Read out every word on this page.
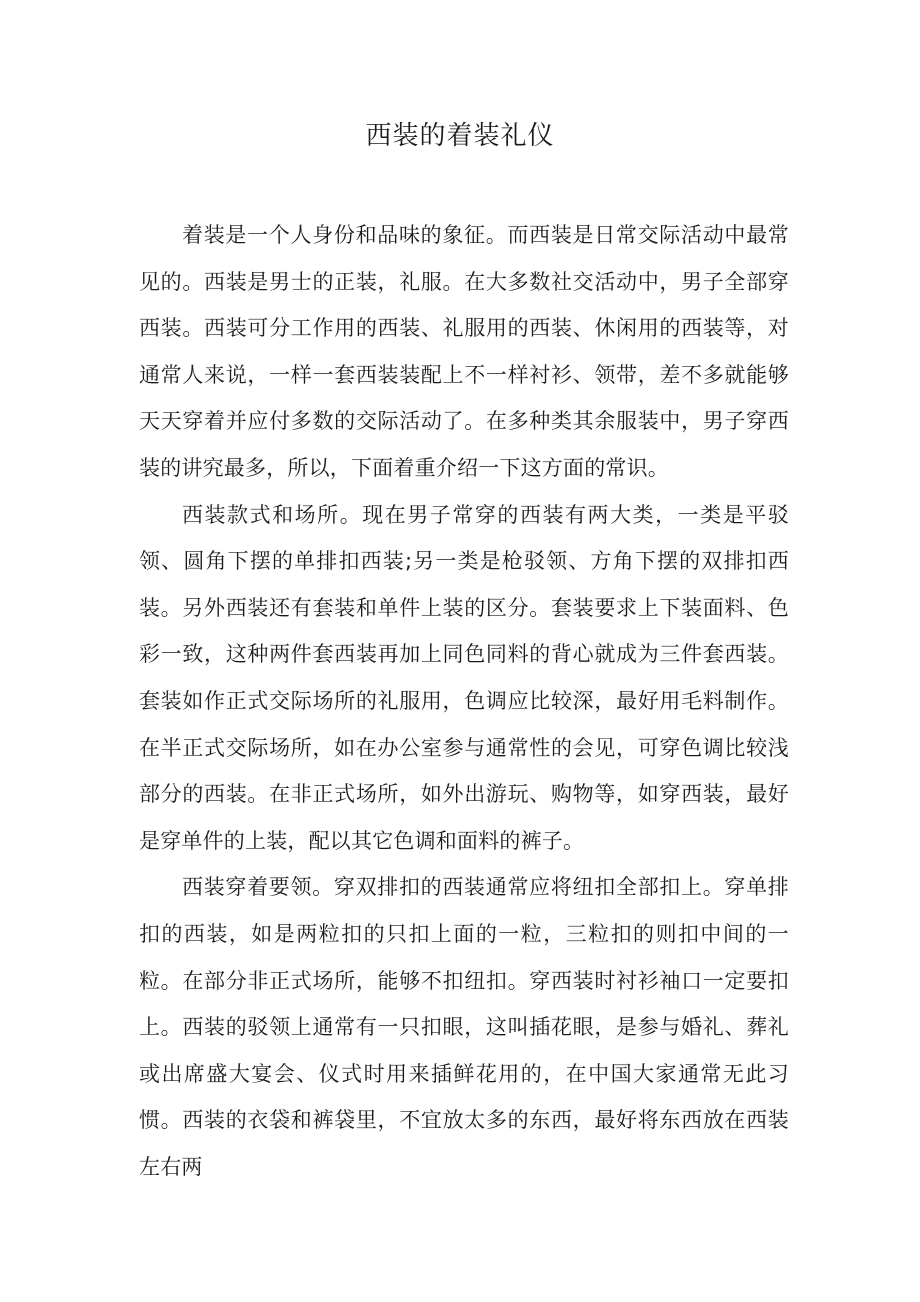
西装的着装礼仪

着装是一个人身份和品味的象征。而西装是日常交际活动中最常见的。西装是男士的正装，礼服。在大多数社交活动中，男子全部穿西装。西装可分工作用的西装、礼服用的西装、休闲用的西装等，对通常人来说，一样一套西装装配上不一样衬衫、领带，差不多就能够天天穿着并应付多数的交际活动了。在多种类其余服装中，男子穿西装的讲究最多，所以，下面着重介绍一下这方面的常识。

西装款式和场所。现在男子常穿的西装有两大类，一类是平驳领、圆角下摆的单排扣西装;另一类是枪驳领、方角下摆的双排扣西装。另外西装还有套装和单件上装的区分。套装要求上下装面料、色彩一致，这种两件套西装再加上同色同料的背心就成为三件套西装。套装如作正式交际场所的礼服用，色调应比较深，最好用毛料制作。在半正式交际场所，如在办公室参与通常性的会见，可穿色调比较浅部分的西装。在非正式场所，如外出游玩、购物等，如穿西装，最好是穿单件的上装，配以其它色调和面料的裤子。

西装穿着要领。穿双排扣的西装通常应将纽扣全部扣上。穿单排扣的西装，如是两粒扣的只扣上面的一粒，三粒扣的则扣中间的一粒。在部分非正式场所，能够不扣纽扣。穿西装时衬衫袖口一定要扣上。西装的驳领上通常有一只扣眼，这叫插花眼，是参与婚礼、葬礼或出席盛大宴会、仪式时用来插鲜花用的，在中国大家通常无此习惯。西装的衣袋和裤袋里，不宜放太多的东西，最好将东西放在西装左右两
